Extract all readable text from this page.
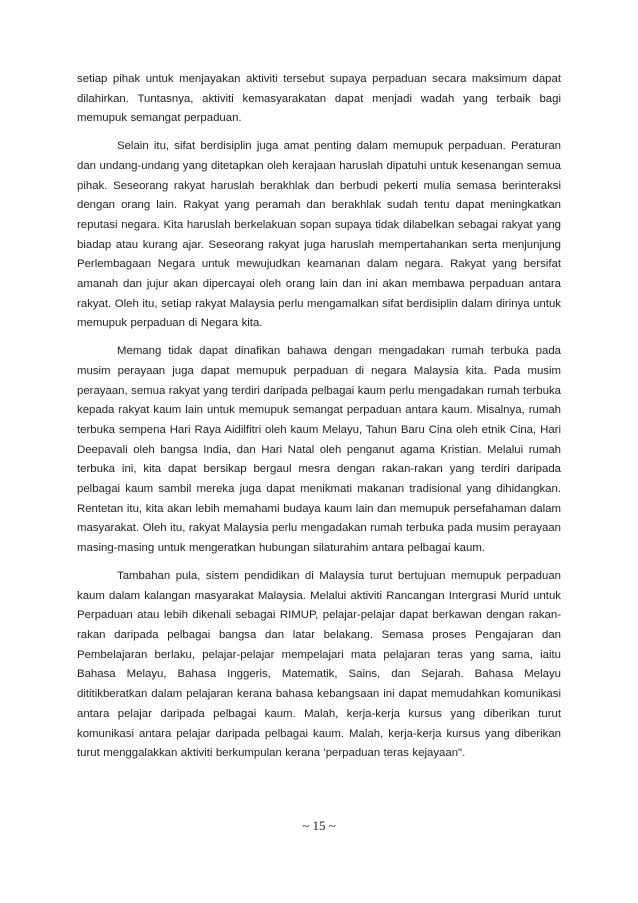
setiap pihak untuk menjayakan aktiviti tersebut supaya perpaduan secara maksimum dapat dilahirkan. Tuntasnya, aktiviti kemasyarakatan dapat menjadi wadah yang terbaik bagi memupuk semangat perpaduan.

Selain itu, sifat berdisiplin juga amat penting dalam memupuk perpaduan. Peraturan dan undang-undang yang ditetapkan oleh kerajaan haruslah dipatuhi untuk kesenangan semua pihak. Seseorang rakyat haruslah berakhlak dan berbudi pekerti mulia semasa berinteraksi dengan orang lain. Rakyat yang peramah dan berakhlak sudah tentu dapat meningkatkan reputasi negara. Kita haruslah berkelakuan sopan supaya tidak dilabelkan sebagai rakyat yang biadap atau kurang ajar. Seseorang rakyat juga haruslah mempertahankan serta menjunjung Perlembagaan Negara untuk mewujudkan keamanan dalam negara. Rakyat yang bersifat amanah dan jujur akan dipercayai oleh orang lain dan ini akan membawa perpaduan antara rakyat. Oleh itu, setiap rakyat Malaysia perlu mengamalkan sifat berdisiplin dalam dirinya untuk memupuk perpaduan di Negara kita.

Memang tidak dapat dinafikan bahawa dengan mengadakan rumah terbuka pada musim perayaan juga dapat memupuk perpaduan di negara Malaysia kita. Pada musim perayaan, semua rakyat yang terdiri daripada pelbagai kaum perlu mengadakan rumah terbuka kepada rakyat kaum lain untuk memupuk semangat perpaduan antara kaum. Misalnya, rumah terbuka sempena Hari Raya Aidilfitri oleh kaum Melayu, Tahun Baru Cina oleh etnik Cina, Hari Deepavali oleh bangsa India, dan Hari Natal oleh penganut agama Kristian. Melalui rumah terbuka ini, kita dapat bersikap bergaul mesra dengan rakan-rakan yang terdiri daripada pelbagai kaum sambil mereka juga dapat menikmati makanan tradisional yang dihidangkan. Rentetan itu, kita akan lebih memahami budaya kaum lain dan memupuk persefahaman dalam masyarakat. Oleh itu, rakyat Malaysia perlu mengadakan rumah terbuka pada musim perayaan masing-masing untuk mengeratkan hubungan silaturahim antara pelbagai kaum.

Tambahan pula, sistem pendidikan di Malaysia turut bertujuan memupuk perpaduan kaum dalam kalangan masyarakat Malaysia. Melalui aktiviti Rancangan Intergrasi Murid untuk Perpaduan atau lebih dikenali sebagai RIMUP, pelajar-pelajar dapat berkawan dengan rakan-rakan daripada pelbagai bangsa dan latar belakang. Semasa proses Pengajaran dan Pembelajaran berlaku, pelajar-pelajar mempelajari mata pelajaran teras yang sama, iaitu Bahasa Melayu, Bahasa Inggeris, Matematik, Sains, dan Sejarah. Bahasa Melayu dititikberatkan dalam pelajaran kerana bahasa kebangsaan ini dapat memudahkan komunikasi antara pelajar daripada pelbagai kaum. Malah, kerja-kerja kursus yang diberikan turut komunikasi antara pelajar daripada pelbagai kaum. Malah, kerja-kerja kursus yang diberikan turut menggalakkan aktiviti berkumpulan kerana 'perpaduan teras kejayaan".

~ 15 ~
